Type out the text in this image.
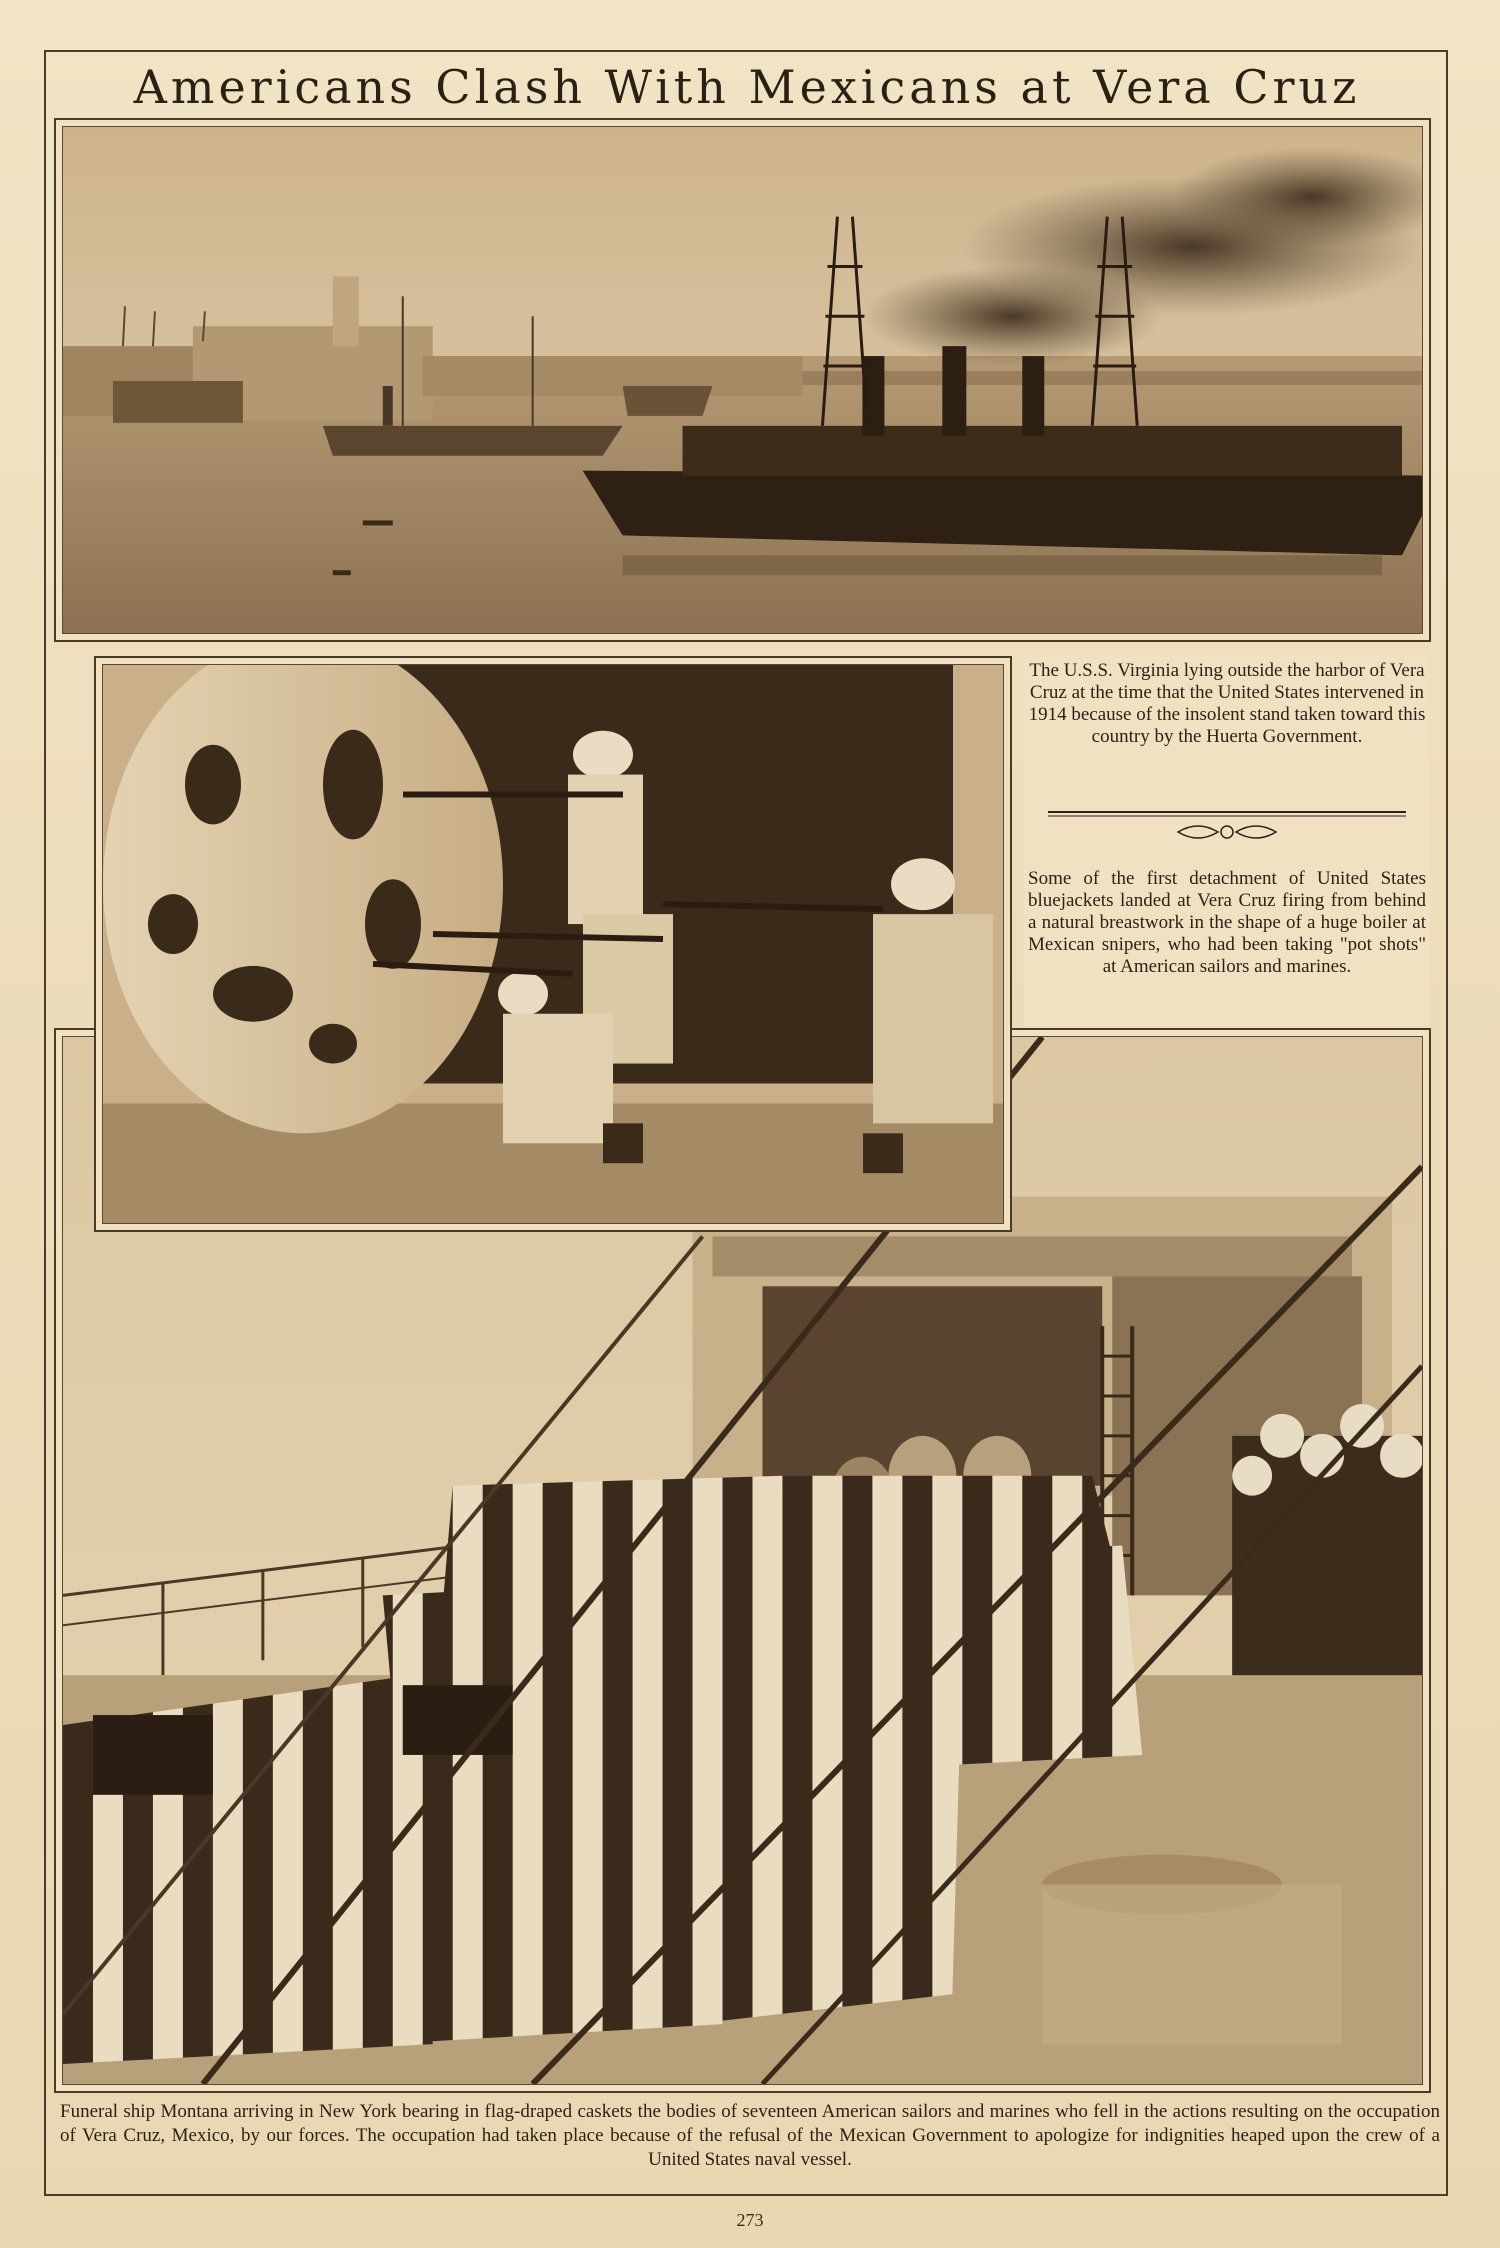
Americans Clash With Mexicans at Vera Cruz
The U.S.S. Virginia lying outside the harbor of Vera Cruz at the time that the United States intervened in 1914 because of the insolent stand taken toward this country by the Huerta Government.
Some of the first detachment of United States bluejackets landed at Vera Cruz firing from behind a natural breastwork in the shape of a huge boiler at Mexican snipers, who had been taking "pot shots" at American sailors and marines.
Funeral ship Montana arriving in New York bearing in flag-draped caskets the bodies of seventeen American sailors and marines who fell in the actions resulting on the occupation of Vera Cruz, Mexico, by our forces. The occupation had taken place because of the refusal of the Mexican Government to apologize for indignities heaped upon the crew of a United States naval vessel.
273
